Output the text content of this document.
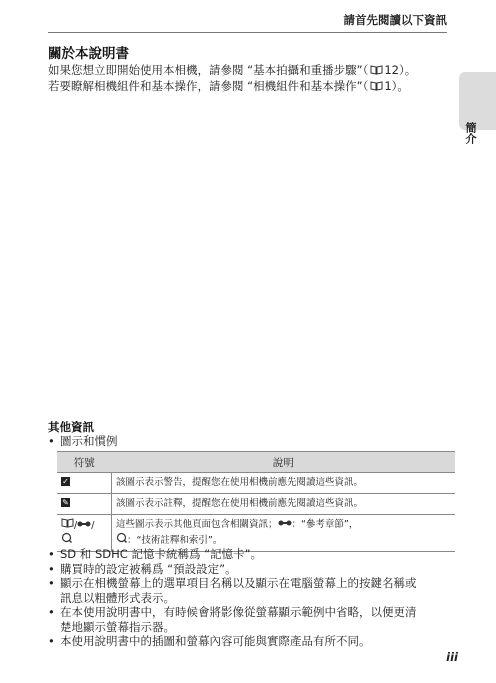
請首先閱讀以下資訊
關於本說明書

如果您想立即開始使用本相機，請參閱 “基本拍攝和重播步驟”（ 12）。

若要瞭解相機組件和基本操作，請參閱 “相機組件和基本操作”（ 1）。

簡介
其他資訊
• 圖示和慣例
符號	說明
✓	該圖示表示警告，提醒您在使用相機前應先閱讀這些資訊。

✎	該圖示表示註釋，提醒您在使用相機前應先閱讀這些資訊。

/ /	這些圖示表示其他頁面包含相關資訊； ：“參考章節”，
：“技術註釋和索引”。
• SD 和 SDHC 記憶卡統稱爲 “記憶卡”。
• 購買時的設定被稱爲 “預設設定”。
• 顯示在相機螢幕上的選單項目名稱以及顯示在電腦螢幕上的按鍵名稱或
訊息以粗體形式表示。
• 在本使用說明書中，有時候會將影像從螢幕顯示範例中省略，以便更清
楚地顯示螢幕指示器。
• 本使用說明書中的插圖和螢幕內容可能與實際產品有所不同。
iii
